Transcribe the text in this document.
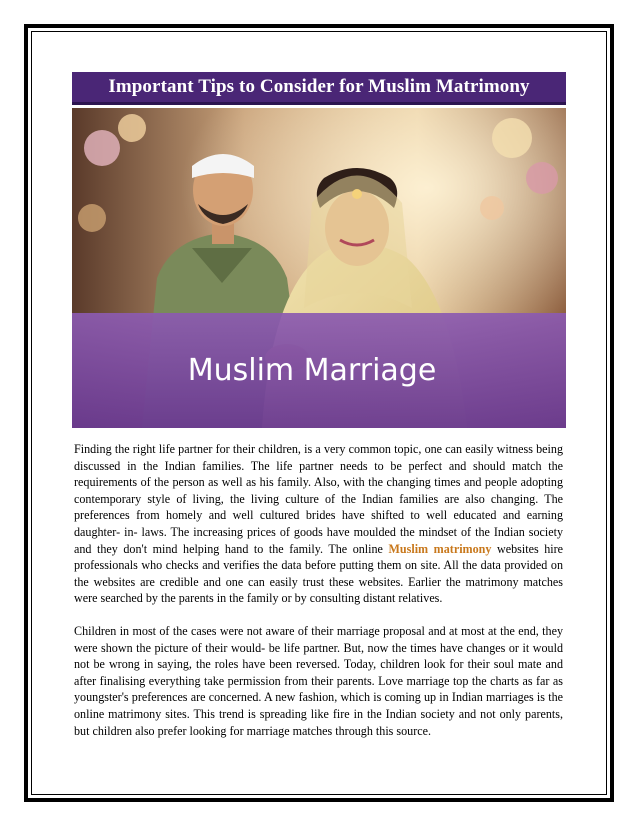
Important Tips to Consider for Muslim Matrimony
Muslim Marriage

Finding the right life partner for their children, is a very common topic, one can easily witness being discussed in the Indian families. The life partner needs to be perfect and should match the requirements of the person as well as his family. Also, with the changing times and people adopting contemporary style of living, the living culture of the Indian families are also changing. The preferences from homely and well cultured brides have shifted to well educated and earning daughter- in- laws. The increasing prices of goods have moulded the mindset of the Indian society and they don't mind helping hand to the family. The online Muslim matrimony websites hire professionals who checks and verifies the data before putting them on site. All the data provided on the websites are credible and one can easily trust these websites. Earlier the matrimony matches were searched by the parents in the family or by consulting distant relatives.

Children in most of the cases were not aware of their marriage proposal and at most at the end, they were shown the picture of their would- be life partner. But, now the times have changes or it would not be wrong in saying, the roles have been reversed. Today, children look for their soul mate and after finalising everything take permission from their parents. Love marriage top the charts as far as youngster's preferences are concerned. A new fashion, which is coming up in Indian marriages is the online matrimony sites. This trend is spreading like fire in the Indian society and not only parents, but children also prefer looking for marriage matches through this source.
